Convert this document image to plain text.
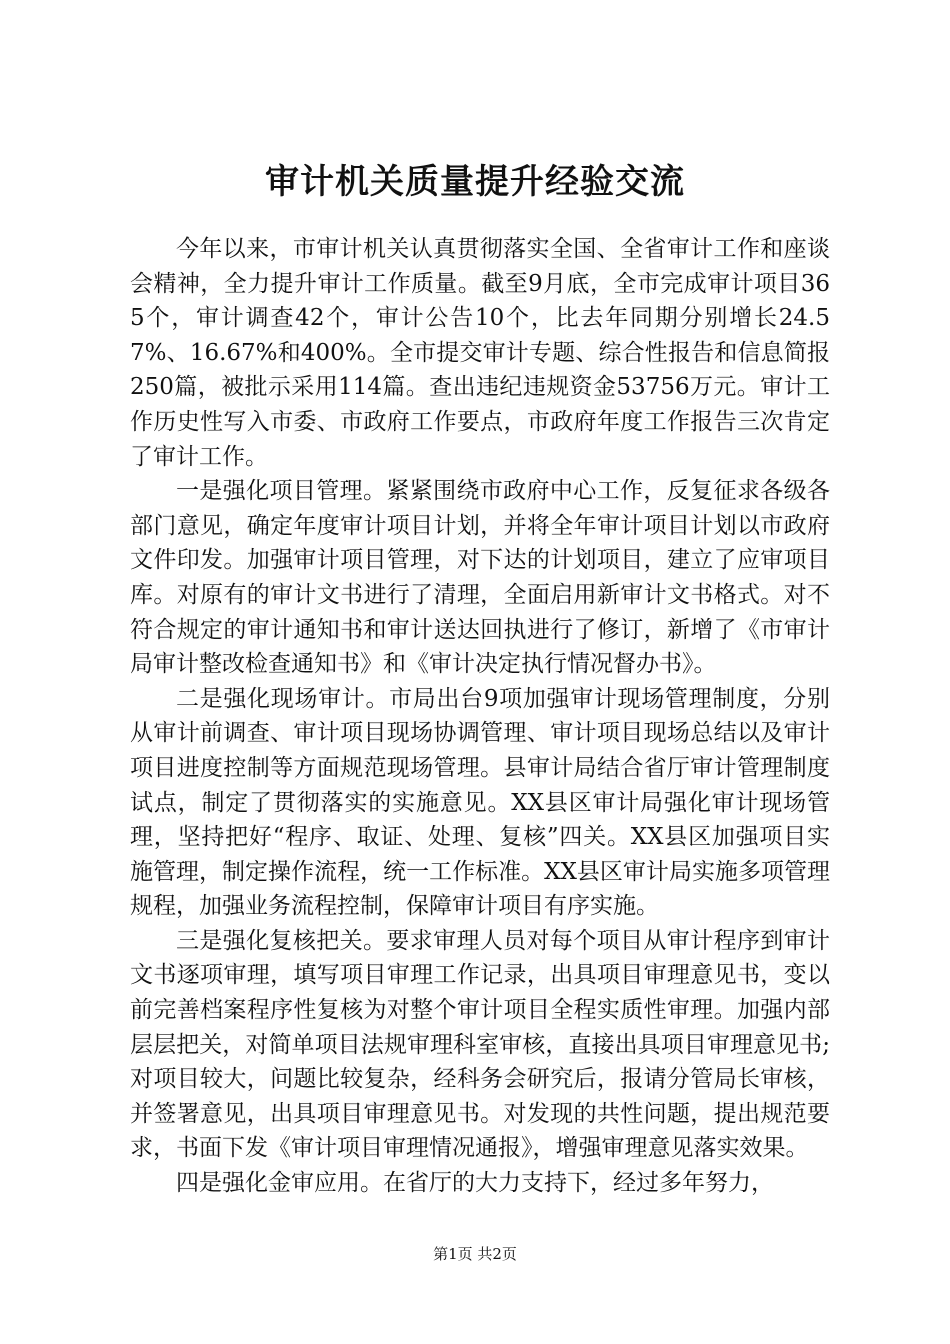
审计机关质量提升经验交流

今年以来，市审计机关认真贯彻落实全国、全省审计工作和座谈会精神，全力提升审计工作质量。截至9月底，全市完成审计项目365个，审计调查42个，审计公告10个，比去年同期分别增长24.57%、16.67%和400%。全市提交审计专题、综合性报告和信息简报250篇，被批示采用114篇。查出违纪违规资金53756万元。审计工作历史性写入市委、市政府工作要点，市政府年度工作报告三次肯定了审计工作。

一是强化项目管理。紧紧围绕市政府中心工作，反复征求各级各部门意见，确定年度审计项目计划，并将全年审计项目计划以市政府文件印发。加强审计项目管理，对下达的计划项目，建立了应审项目库。对原有的审计文书进行了清理，全面启用新审计文书格式。对不符合规定的审计通知书和审计送达回执进行了修订，新增了《市审计局审计整改检查通知书》和《审计决定执行情况督办书》。

二是强化现场审计。市局出台9项加强审计现场管理制度，分别从审计前调查、审计项目现场协调管理、审计项目现场总结以及审计项目进度控制等方面规范现场管理。县审计局结合省厅审计管理制度试点，制定了贯彻落实的实施意见。XX县区审计局强化审计现场管理，坚持把好“程序、取证、处理、复核”四关。XX县区加强项目实施管理，制定操作流程，统一工作标准。XX县区审计局实施多项管理规程，加强业务流程控制，保障审计项目有序实施。

三是强化复核把关。要求审理人员对每个项目从审计程序到审计文书逐项审理，填写项目审理工作记录，出具项目审理意见书，变以前完善档案程序性复核为对整个审计项目全程实质性审理。加强内部层层把关，对简单项目法规审理科室审核，直接出具项目审理意见书;对项目较大，问题比较复杂，经科务会研究后，报请分管局长审核，并签署意见，出具项目审理意见书。对发现的共性问题，提出规范要求，书面下发《审计项目审理情况通报》，增强审理意见落实效果。

四是强化金审应用。在省厅的大力支持下，经过多年努力，

第1页 共2页
